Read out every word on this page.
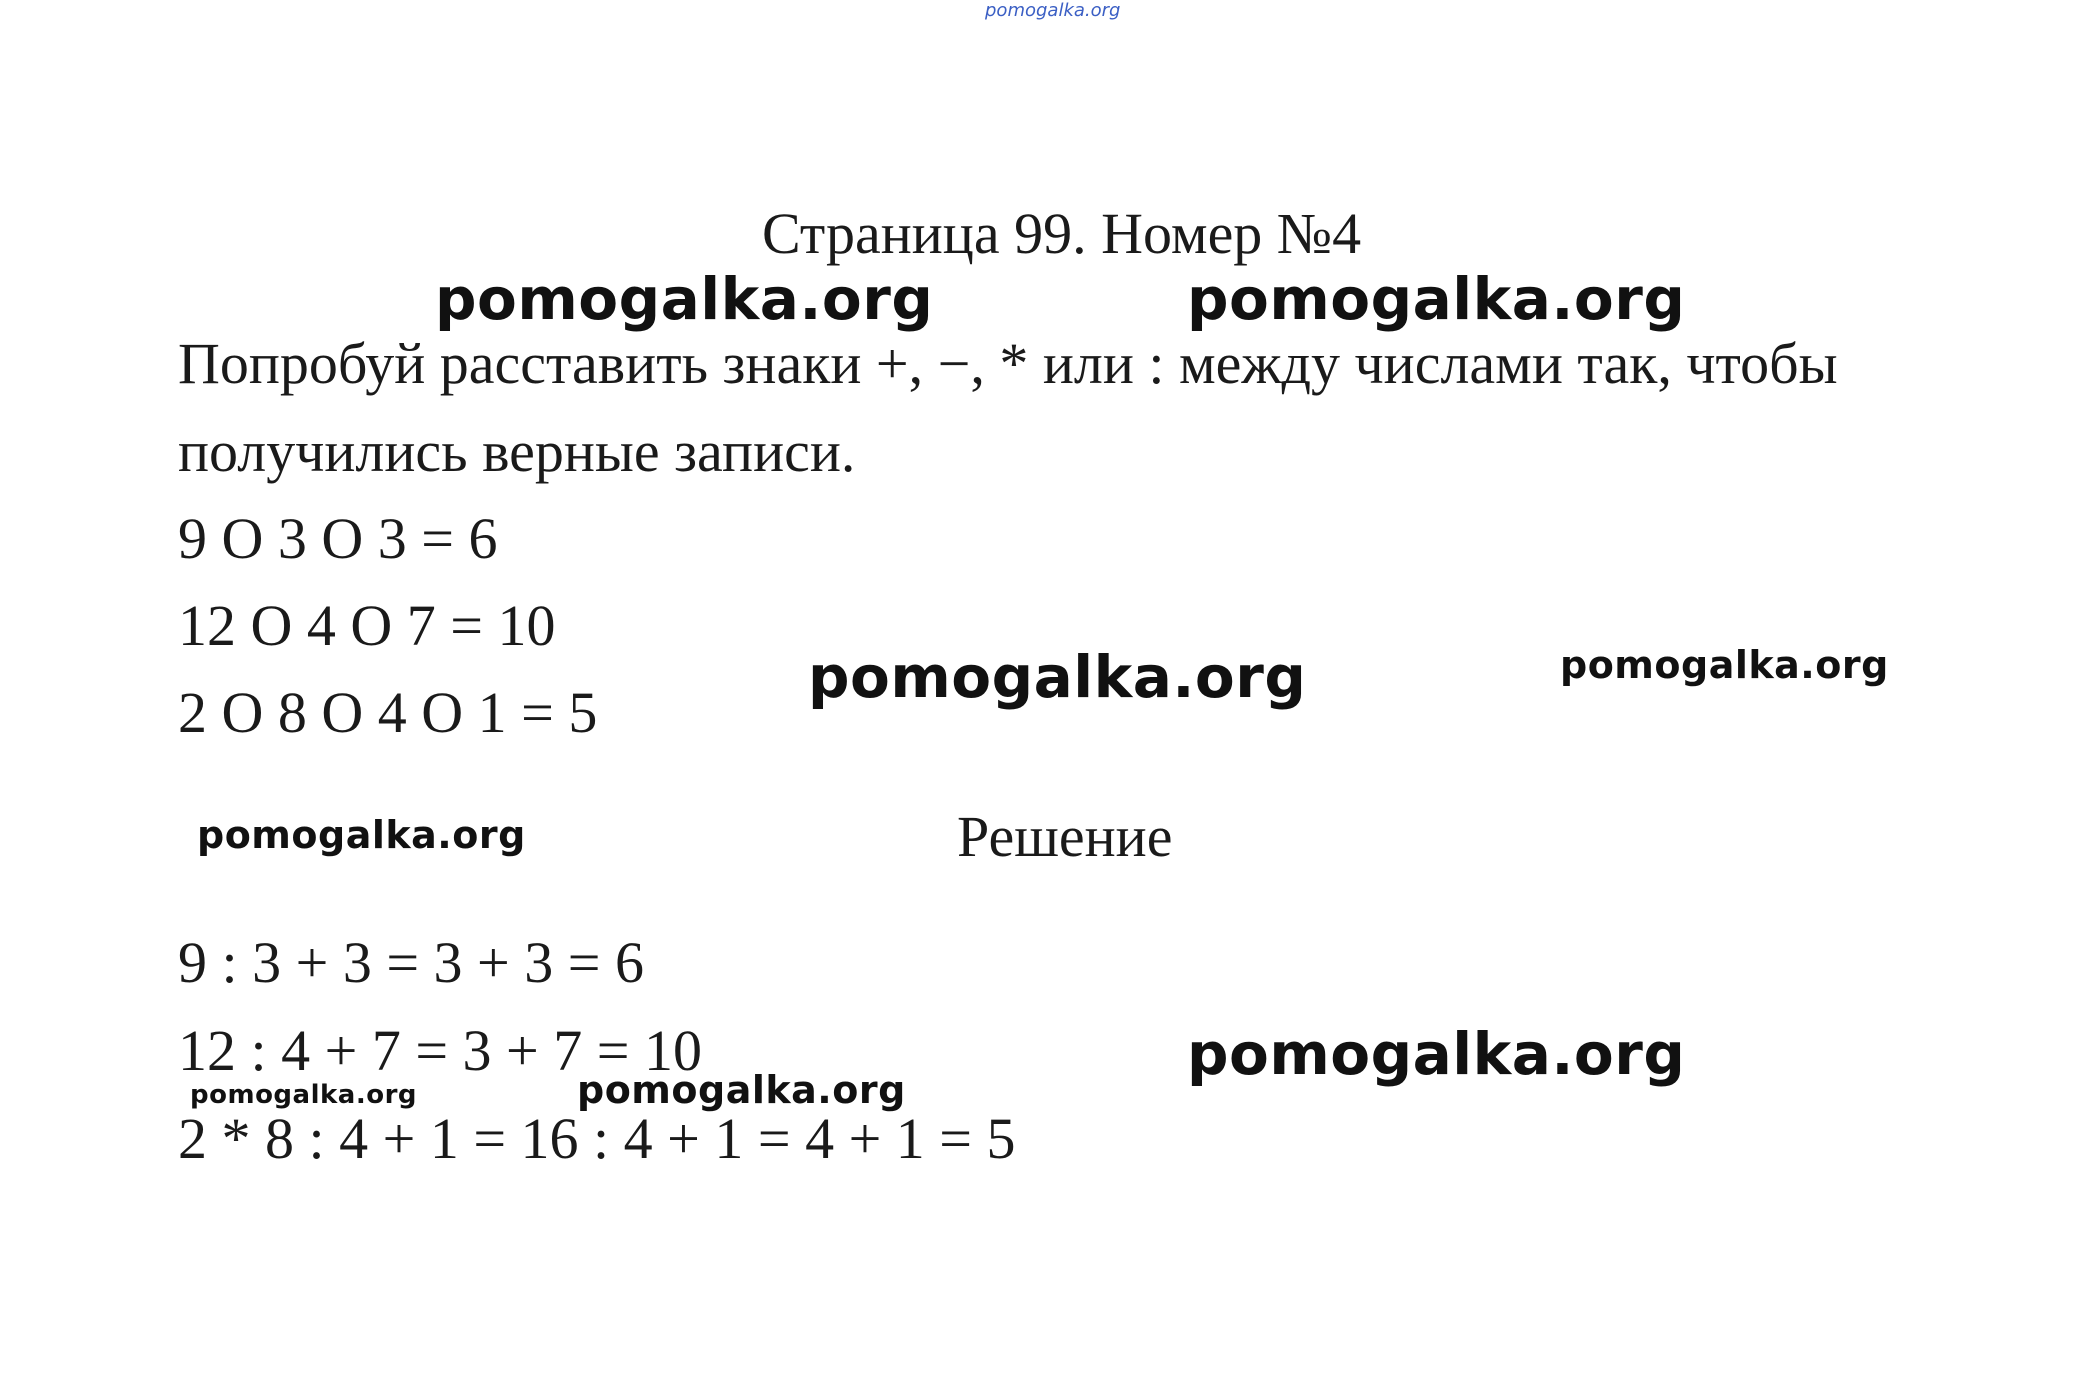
pomogalka.org
Страница 99. Номер №4
pomogalka.org	pomogalka.org
Попробуй расставить знаки +, −, * или : между числами так, чтобы
получились верные записи.
9 O 3 O 3 = 6
12 O 4 O 7 = 10
2 O 8 O 4 O 1 = 5
pomogalka.org	pomogalka.org
pomogalka.org	Решение
9 : 3 + 3 = 3 + 3 = 6
12 : 4 + 7 = 3 + 7 = 10	pomogalka.org
pomogalka.org	pomogalka.org
2 * 8 : 4 + 1 = 16 : 4 + 1 = 4 + 1 = 5
